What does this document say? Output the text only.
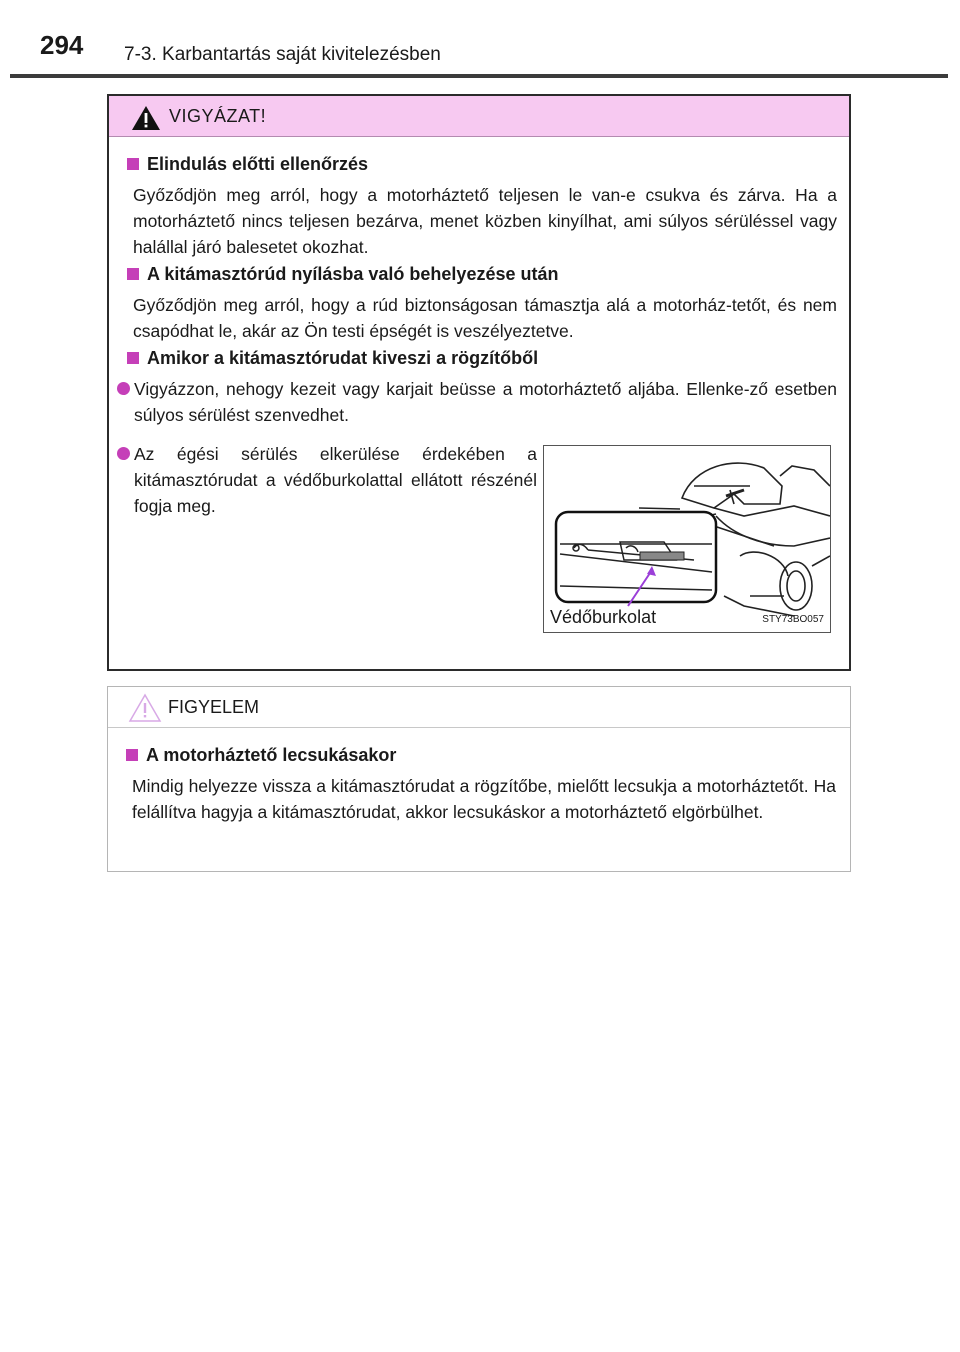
294 7-3. Karbantartás saját kivitelezésben
VIGYÁZAT!
Elindulás előtti ellenőrzés
Győződjön meg arról, hogy a motorháztető teljesen le van-e csukva és zárva. Ha a motorháztető nincs teljesen bezárva, menet közben kinyílhat, ami súlyos sérüléssel vagy halállal járó balesetet okozhat.
A kitámasztórúd nyílásba való behelyezése után
Győződjön meg arról, hogy a rúd biztonságosan támasztja alá a motorház-tetőt, és nem csapódhat le, akár az Ön testi épségét is veszélyeztetve.
Amikor a kitámasztórudat kiveszi a rögzítőből
Vigyázzon, nehogy kezeit vagy karjait beüsse a motorháztető aljába. Ellenke-ző esetben súlyos sérülést szenvedhet.
Az égési sérülés elkerülése érdekében a kitámasztórudat a védőburkolattal ellátott részénél fogja meg.
Védőburkolat	STY73BO057
FIGYELEM
A motorháztető lecsukásakor
Mindig helyezze vissza a kitámasztórudat a rögzítőbe, mielőtt lecsukja a motorháztetőt. Ha felállítva hagyja a kitámasztórudat, akkor lecsukáskor a motorháztető elgörbülhet.
